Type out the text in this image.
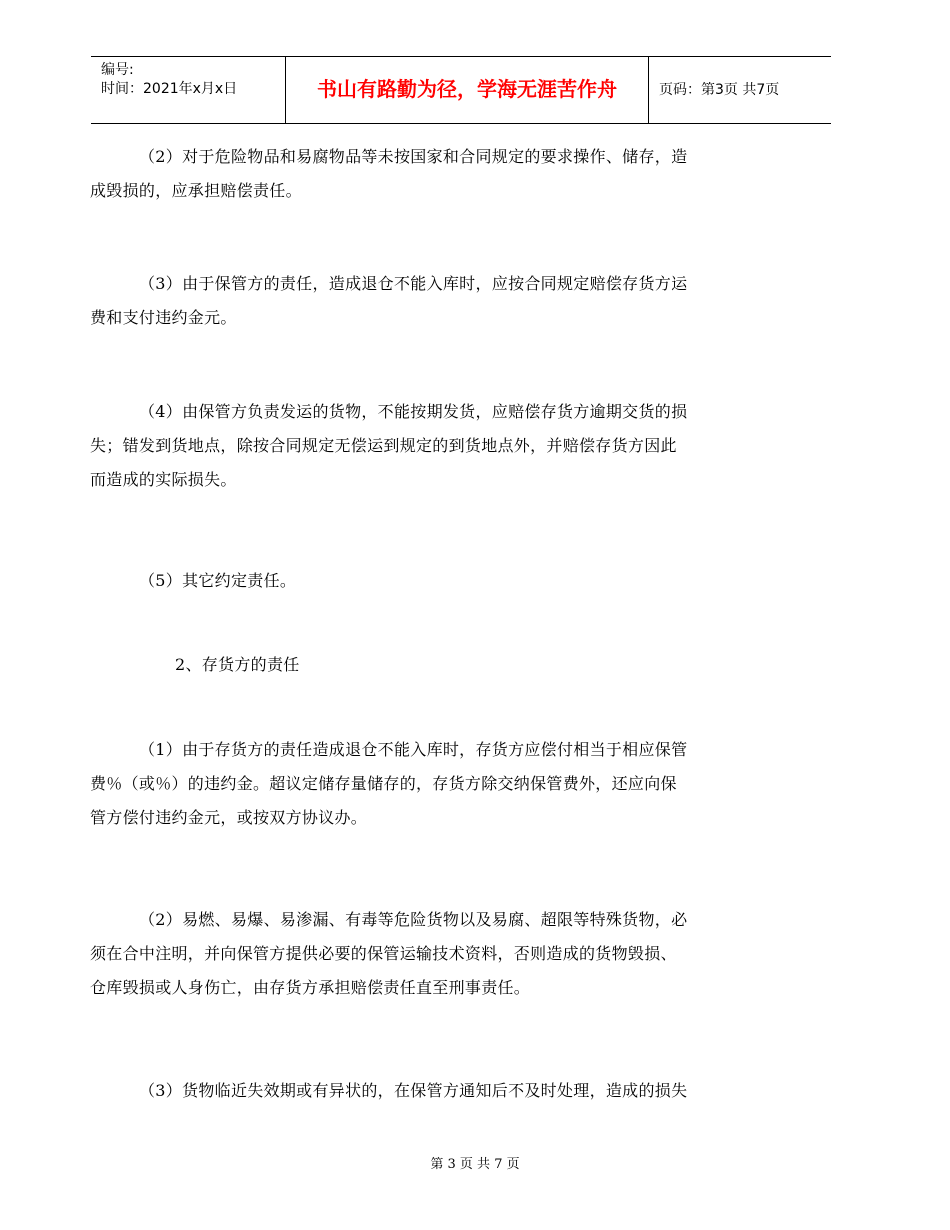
编号:
时间：2021年x月x日	书山有路勤为径，学海无涯苦作舟	页码：第3页 共7页
（2）对于危险物品和易腐物品等未按国家和合同规定的要求操作、储存，造
成毁损的，应承担赔偿责任。
（3）由于保管方的责任，造成退仓不能入库时，应按合同规定赔偿存货方运
费和支付违约金元。
（4）由保管方负责发运的货物，不能按期发货，应赔偿存货方逾期交货的损
失；错发到货地点，除按合同规定无偿运到规定的到货地点外，并赔偿存货方因此
而造成的实际损失。
（5）其它约定责任。
2、存货方的责任
（1）由于存货方的责任造成退仓不能入库时，存货方应偿付相当于相应保管
费％（或％）的违约金。超议定储存量储存的，存货方除交纳保管费外，还应向保
管方偿付违约金元，或按双方协议办。
（2）易燃、易爆、易渗漏、有毒等危险货物以及易腐、超限等特殊货物，必
须在合中注明，并向保管方提供必要的保管运输技术资料，否则造成的货物毁损、
仓库毁损或人身伤亡，由存货方承担赔偿责任直至刑事责任。
（3）货物临近失效期或有异状的，在保管方通知后不及时处理，造成的损失
第 3 页 共 7 页
